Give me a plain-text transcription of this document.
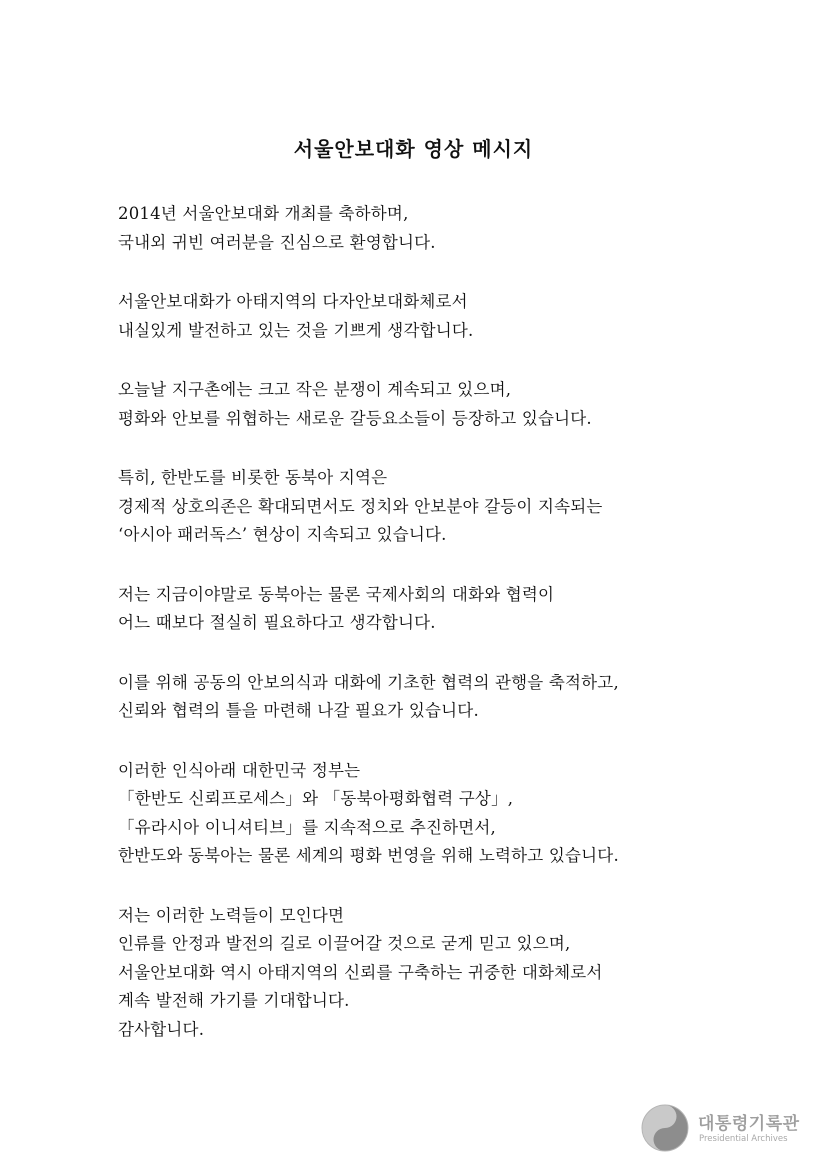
서울안보대화 영상 메시지

2014년 서울안보대화 개최를 축하하며,
국내외 귀빈 여러분을 진심으로 환영합니다.

서울안보대화가 아태지역의 다자안보대화체로서
내실있게 발전하고 있는 것을 기쁘게 생각합니다.

오늘날 지구촌에는 크고 작은 분쟁이 계속되고 있으며,
평화와 안보를 위협하는 새로운 갈등요소들이 등장하고 있습니다.

특히, 한반도를 비롯한 동북아 지역은
경제적 상호의존은 확대되면서도 정치와 안보분야 갈등이 지속되는
‘아시아 패러독스’ 현상이 지속되고 있습니다.

저는 지금이야말로 동북아는 물론 국제사회의 대화와 협력이
어느 때보다 절실히 필요하다고 생각합니다.

이를 위해 공동의 안보의식과 대화에 기초한 협력의 관행을 축적하고,
신뢰와 협력의 틀을 마련해 나갈 필요가 있습니다.

이러한 인식아래 대한민국 정부는
「한반도 신뢰프로세스」와 「동북아평화협력 구상」,
「유라시아 이니셔티브」를 지속적으로 추진하면서,
한반도와 동북아는 물론 세계의 평화 번영을 위해 노력하고 있습니다.

저는 이러한 노력들이 모인다면
인류를 안정과 발전의 길로 이끌어갈 것으로 굳게 믿고 있으며,
서울안보대화 역시 아태지역의 신뢰를 구축하는 귀중한 대화체로서
계속 발전해 가기를 기대합니다.
감사합니다.

대통령기록관
Presidential Archives
